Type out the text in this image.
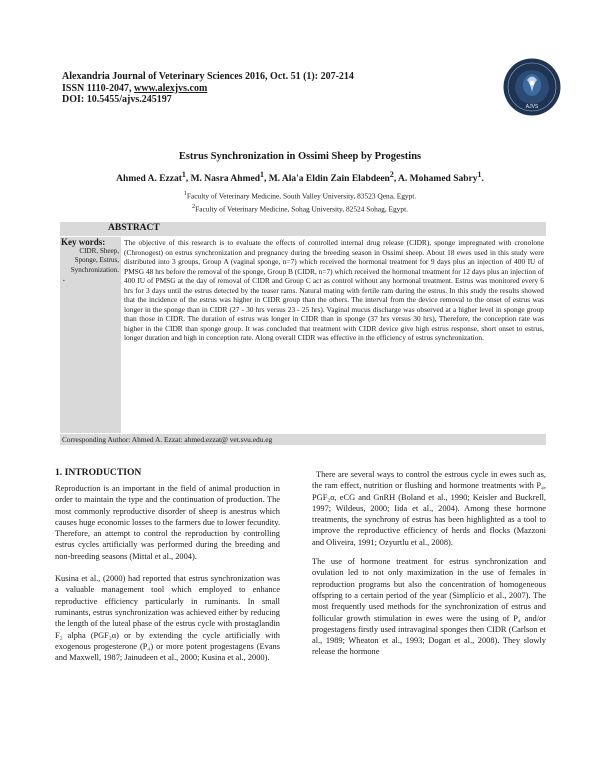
Alexandria Journal of Veterinary Sciences 2016, Oct. 51 (1): 207-214
ISSN 1110-2047, www.alexjvs.com
DOI: 10.5455/ajvs.245197
AJVS
Estrus Synchronization in Ossimi Sheep by Progestins
Ahmed A. Ezzat$^1$, M. Nasra Ahmed$^1$, M. Ala'a Eldin Zain Elabdeen$^2$, A. Mohamed Sabry$^1$.
$^1$Faculty of Veterinary Medicine, South Valley University, 83523 Qena, Egypt.
$^2$Faculty of Veterinary Medicine, Sohag University, 82524 Sohag, Egypt.
ABSTRACT
Key words:
CIDR, Sheep,
Sponge, Estrus,
Synchronization.
.
The objective of this research is to evaluate the effects of controlled internal drug release (CIDR), sponge impregnated with cronolone (Chronogest) on estrus synchronization and pregnancy during the breeding season in Ossimi sheep. About 18 ewes used in this study were distributed into 3 groups, Group A (vaginal sponge, n=7) which received the hormonal treatment for 9 days plus an injection of 400 IU of PMSG 48 hrs before the removal of the sponge, Group B (CIDR, n=7) which received the hormonal treatment for 12 days plus an injection of 400 IU of PMSG at the day of removal of CIDR and Group C act as control without any hormonal treatment. Estrus was monitored every 6 hrs for 3 days until the estrus detected by the teaser rams. Natural mating with fertile ram during the estrus. In this study the results showed that the incidence of the estrus was higher in CIDR group than the others. The interval from the device removal to the onset of estrus was longer in the sponge than in CIDR (27 - 30 hrs versus 23 - 25 hrs). Vaginal mucus discharge was observed at a higher level in sponge group than those in CIDR. The duration of estrus was longer in CIDR than in sponge (37 hrs versus 30 hrs), Therefore, the conception rate was higher in the CIDR than sponge group. It was concluded that treatment with CIDR device give high estrus response, short onset to estrus, longer duration and high in conception rate. Along overall CIDR was effective in the efficiency of estrus synchronization.
Corresponding Author: Ahmed A. Ezzat: ahmed.ezzat@ vet.svu.edu.eg
1. INTRODUCTION

Reproduction is an important in the field of animal production in order to maintain the type and the continuation of production. The most commonly reproductive disorder of sheep is anestrus which causes huge economic losses to the farmers due to lower fecundity. Therefore, an attempt to control the reproduction by controlling estrus cycles artificially was performed during the breeding and non-breeding seasons (Mittal et al., 2004).

Kusina et al., (2000) had reported that estrus synchronization was a valuable management tool which employed to enhance reproductive efficiency particularly in ruminants. In small ruminants, estrus synchronization was achieved either by reducing the length of the luteal phase of the estrus cycle with prostaglandin F₂ alpha (PGF₂α) or by extending the cycle artificially with exogenous progesterone (P₄) or more potent progestagens (Evans and Maxwell, 1987; Jainudeen et al., 2000; Kusina et al., 2000).

There are several ways to control the estrous cycle in ewes such as, the ram effect, nutrition or flushing and hormone treatments with P₄, PGF₂α, eCG and GnRH (Boland et al., 1990; Keisler and Buckrell, 1997; Wildeus, 2000; Iida et al., 2004). Among these hormone treatments, the synchrony of estrus has been highlighted as a tool to improve the reproductive efficiency of herds and flocks (Mazzoni and Oliveira, 1991; Ozyurtlu et al., 2008).

The use of hormone treatment for estrus synchronization and ovulation led to not only maximization in the use of females in reproduction programs but also the concentration of homogeneous offspring to a certain period of the year (Simplício et al., 2007). The most frequently used methods for the synchronization of estrus and follicular growth stimulation in ewes were the using of P₄ and/or progestagens firstly used intravaginal sponges then CIDR (Carlson et al., 1989; Wheaton et al., 1993; Dogan et al., 2008). They slowly release the hormone
